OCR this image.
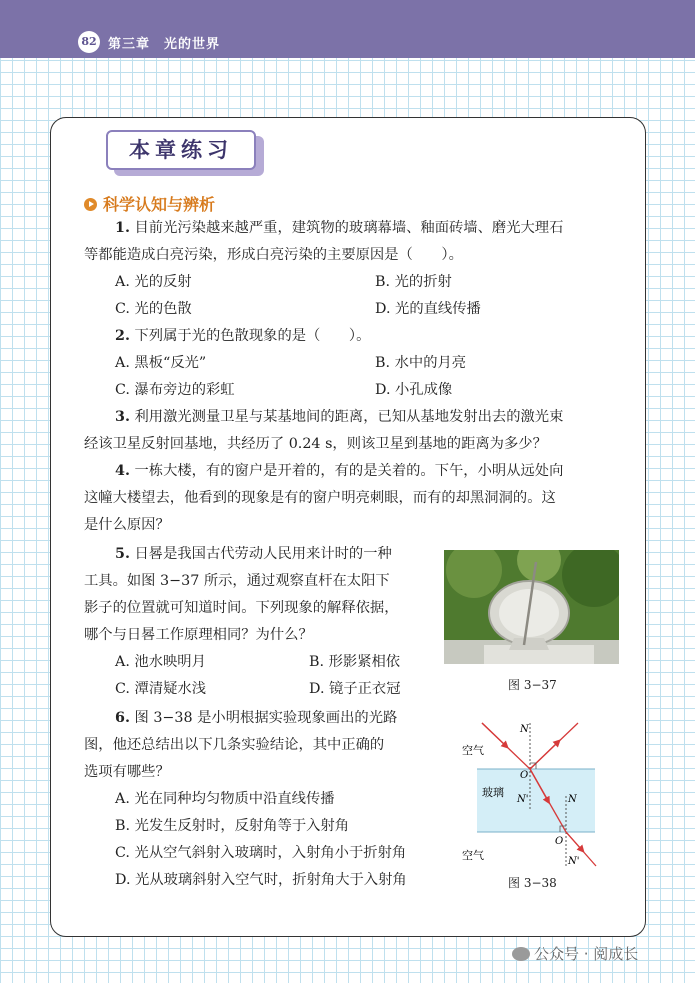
82 第三章　光的世界
本章练习
科学认知与辨析
1. 目前光污染越来越严重，建筑物的玻璃幕墙、釉面砖墙、磨光大理石
等都能造成白亮污染，形成白亮污染的主要原因是（　　）。
A. 光的反射	B. 光的折射
C. 光的色散	D. 光的直线传播
2. 下列属于光的色散现象的是（　　）。
A. 黑板“反光”	B. 水中的月亮
C. 瀑布旁边的彩虹	D. 小孔成像
3. 利用激光测量卫星与某基地间的距离，已知从基地发射出去的激光束
经该卫星反射回基地，共经历了 0.24 s，则该卫星到基地的距离为多少？
4. 一栋大楼，有的窗户是开着的，有的是关着的。下午，小明从远处向
这幢大楼望去，他看到的现象是有的窗户明亮刺眼，而有的却黑洞洞的。这
是什么原因？
5. 日晷是我国古代劳动人民用来计时的一种
工具。如图 3−37 所示，通过观察直杆在太阳下
影子的位置就可知道时间。下列现象的解释依据，
哪个与日晷工作原理相同？为什么？
A. 池水映明月	B. 形影紧相依
C. 潭清疑水浅	D. 镜子正衣冠	图 3−37
6. 图 3−38 是小明根据实验现象画出的光路
图，他还总结出以下几条实验结论，其中正确的
选项有哪些？
A. 光在同种均匀物质中沿直线传播
B. 光发生反射时，反射角等于入射角
C. 光从空气斜射入玻璃时，入射角小于折射角
D. 光从玻璃斜射入空气时，折射角大于入射角
空气
玻璃
空气
N
O
N'	N
O
N'
图 3−38
公众号 · 阅成长
